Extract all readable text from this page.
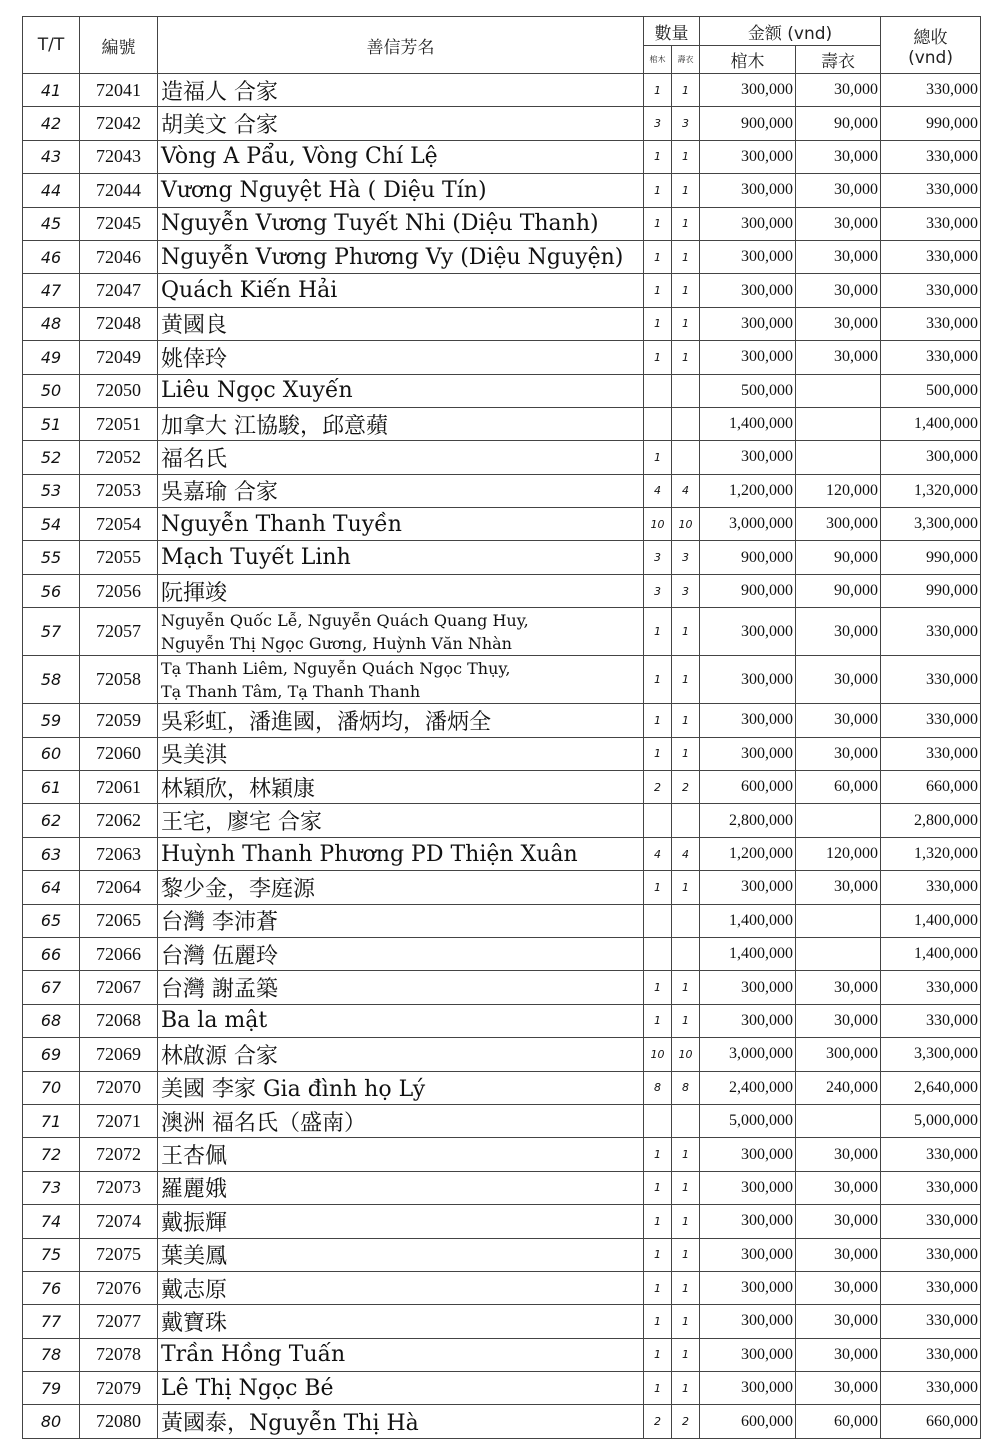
T/T	編號	善信芳名	數量		金额 (vnd)		總收
(vnd)

			棺木	壽衣	棺木	壽衣	
41	72041	造福人 合家	1	1	300,000	30,000	330,000
42	72042	胡美文 合家	3	3	900,000	90,000	990,000
43	72043	Vòng A Pẩu, Vòng Chí Lệ	1	1	300,000	30,000	330,000
44	72044	Vương Nguyệt Hà ( Diệu Tín)	1	1	300,000	30,000	330,000
45	72045	Nguyễn Vương Tuyết Nhi (Diệu Thanh)	1	1	300,000	30,000	330,000
46	72046	Nguyễn Vương Phương Vy (Diệu Nguyện)	1	1	300,000	30,000	330,000
47	72047	Quách Kiến Hải	1	1	300,000	30,000	330,000
48	72048	黄國良	1	1	300,000	30,000	330,000
49	72049	姚倖玲	1	1	300,000	30,000	330,000
50	72050	Liêu Ngọc Xuyến			500,000		500,000
51	72051	加拿大 江協駿，邱意蘋			1,400,000		1,400,000
52	72052	福名氏	1		300,000		300,000
53	72053	吳嘉瑜 合家	4	4	1,200,000	120,000	1,320,000
54	72054	Nguyễn Thanh Tuyền	10	10	3,000,000	300,000	3,300,000
55	72055	Mạch Tuyết Linh	3	3	900,000	90,000	990,000
56	72056	阮揮竣	3	3	900,000	90,000	990,000
57	72057	Nguyễn Quốc Lễ, Nguyễn Quách Quang Huy,
Nguyễn Thị Ngọc Gương, Huỳnh Văn Nhàn	1	1	300,000	30,000	330,000
58	72058	Tạ Thanh Liêm, Nguyễn Quách Ngọc Thụy,
Tạ Thanh Tâm, Tạ Thanh Thanh	1	1	300,000	30,000	330,000
59	72059	吳彩虹，潘進國，潘炳均，潘炳全	1	1	300,000	30,000	330,000
60	72060	吳美淇	1	1	300,000	30,000	330,000
61	72061	林穎欣，林穎康	2	2	600,000	60,000	660,000
62	72062	王宅，廖宅 合家			2,800,000		2,800,000
63	72063	Huỳnh Thanh Phương PD Thiện Xuân	4	4	1,200,000	120,000	1,320,000
64	72064	黎少金，李庭源	1	1	300,000	30,000	330,000
65	72065	台灣 李沛蒼			1,400,000		1,400,000
66	72066	台灣 伍麗玲			1,400,000		1,400,000
67	72067	台灣 謝孟築	1	1	300,000	30,000	330,000
68	72068	Ba la mật	1	1	300,000	30,000	330,000
69	72069	林啟源 合家	10	10	3,000,000	300,000	3,300,000
70	72070	美國 李家 Gia đình họ Lý	8	8	2,400,000	240,000	2,640,000
71	72071	澳洲 福名氏（盛南）			5,000,000		5,000,000
72	72072	王杏佩	1	1	300,000	30,000	330,000
73	72073	羅麗娥	1	1	300,000	30,000	330,000
74	72074	戴振輝	1	1	300,000	30,000	330,000
75	72075	葉美鳳	1	1	300,000	30,000	330,000
76	72076	戴志原	1	1	300,000	30,000	330,000
77	72077	戴寶珠	1	1	300,000	30,000	330,000
78	72078	Trần Hồng Tuấn	1	1	300,000	30,000	330,000
79	72079	Lê Thị Ngọc Bé	1	1	300,000	30,000	330,000
80	72080	黃國泰，Nguyễn Thị Hà	2	2	600,000	60,000	660,000
